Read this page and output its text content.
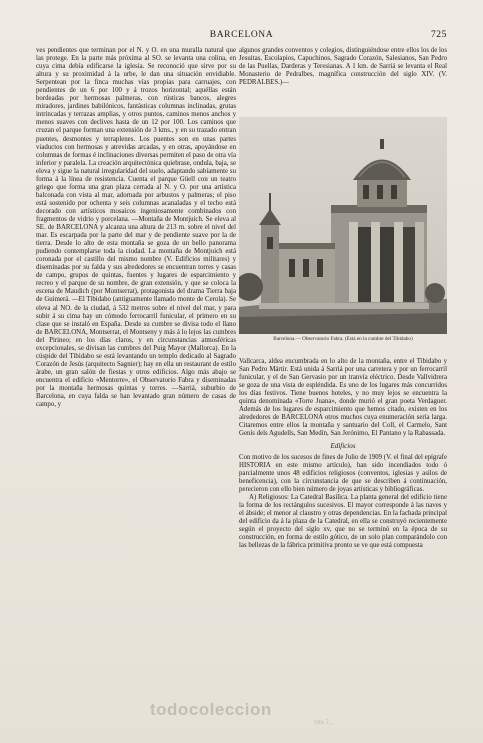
BARCELONA	725

ves pendientes que terminan por el N. y O. en una muralla natural que las protege. En la parte más próxima al SO. se levanta una colina, en cuya cima debía edificarse la iglesia. Se reconoció que sirve por su altura y su proximidad á la urbe, le dan una situación envidiable. Serpentean por la finca muchas vías propias para carruajes, con pendientes de un 6 por 100 y á trozos horizontal; aquéllas están bordeadas por hermosas palmeras, con rústicas bancos, alegres miradores, jardines babilónicos, fantásticas columnas inclinadas, grutas intrincadas y terrazas amplias, y otros puntos, caminos menos anchos y menos suaves con declives hasta de un 12 por 100. Los caminos que cruzan el parque forman una extensión de 3 kms., y en su trazado entran puentes, desmontes y terraplenes. Los puentes son en unas partes viaductos con hermosas y atrevidas arcadas, y en otras, apoyándose en columnas de formas é inclinaciones diversas permiten el paso de otra vía inferior y paralela. La creación arquitectónica quiebrase, ondula, baja, se eleva y sigue la natural irregularidad del suelo, adaptando sabiamente su forma á la línea de resistencia. Cuenta el parque Güell con un teatro griego que forma una gran plaza cerrada al N. y O. por una artística balconada con vista al mar, adornada por arbustos y palmeras; el piso está sostenido por ochenta y seis columnas acanaladas y el techo está decorado con artísticos mosaicos ingeniosamente combinados con fragmentos de vidrio y porcelana. —Montaña de Montjuich. Se eleva al SE. de BARCELONA y alcanza una altura de 213 m. sobre el nivel del mar. Es escarpada por la parte del mar y de pendiente suave por la de tierra. Desde lo alto de esta montaña se goza de un bello panorama pudiendo contemplarse toda la ciudad. La montaña de Montjuich está coronada por el castillo del mismo nombre (V. Edificios militares) y diseminadas por su falda y sus alrededores se encuentran torres y casas de campo, grupos de quintas, fuentes y lugares de esparcimiento y recreo y el parque de su nombre, de gran extensión, y que se coloca la escena de Maudich (por Montserrat), protagonista del drama Tierra baja de Guimerá. —El Tibidabo (antiguamente llamado monte de Cerola). Se eleva al NO. de la ciudad, á 532 metros sobre el nivel del mar, y para subir á su cima hay un cómodo ferrocarril funicular, el primero en su clase que se instaló en España. Desde su cumbre se divisa todo el llano de BARCELONA, Montserrat, el Montseny y más á lo lejos las cumbres del Pirineo; en los días claros, y en circunstancias atmosféricas excepcionales, se divisan las cumbres del Puig Mayor (Mallorca). En la cúspide del Tibidabo se está levantando un templo dedicado al Sagrado Corazón de Jesús (arquitecto Sagnier); hay en ella un restaurant de estilo árabe, un gran salón de fiestas y otros edificios. Algo más abajo se encuentra el edificio «Mentorre», el Observatorio Fabra y diseminadas por la montaña hermosas quintas y torres. —Sarriá, suburbio de Barcelona, en cuya falda se han levantado gran número de casas de campo, y

algunos grandes conventos y colegios, distinguiéndose entre ellos los de los Jesuitas, Escolapios, Capuchinos, Sagrado Corazón, Salesianos, San Pedro de las Puellas, Darderas y Teresianas. A 1 km. de Sarriá se levanta el Real Monasterio de Pedralbes, magnífica construcción del siglo XIV. (V. PEDRALBES.)—

Barcelona.— Observatorio Fabra. (Está en la cumbre del Tibidabo)

Vallcarca, aldea encumbrada en lo alto de la montaña, entre el Tibidabo y San Pedro Mártir. Está unida á Sarriá por una carretera y por un ferrocarril funicular, y el de San Gervasio por un tranvía eléctrico. Desde Vallvidrera se goza de una vista de espléndida. Es uno de los lugares más concurridos los días festivos. Tiene buenos hoteles, y no muy lejos se encuentra la quinta denominada «Torre Juana», donde murió el gran poeta Verdaguer. Además de los lugares de esparcimiento que hemos citado, existen en los alrededores de BARCELONA otros muchos cuya enumeración sería larga. Citaremos entre ellos la montaña y santuario del Coll, el Carmelo, Sant Genís dels Agudells, San Medín, San Jerónimo, El Pantano y la Rabassada.

Edificios

Con motivo de los sucesos de fines de Julio de 1909 (V. el final del epígrafe HISTORIA en este mismo artículo), han sido incendiados todo ó parcialmente unos 48 edificios religiosos (conventos, iglesias y asilos de beneficencia), con la circunstancia de que se describen á continuación, perecieron con ello bien número de joyas artísticas y bibliográficas.

A) Religiosos: La Catedral Basílica. La planta general del edificio tiene la forma de los rectángulos sucesivos. El mayor corresponde á las naves y el ábside; el menor al claustro y otras dependencias. En la fachada principal del edificio da á la plaza de la Catedral, en ella se construyó recientemente según el proyecto del siglo xv, que no se terminó en la época de su construcción, en forma de estilo gótico, de un solo plan comparándolo con las bellezas de la fábrica primitiva pronto se ve que está compuesta

todocoleccion
lote 7...
